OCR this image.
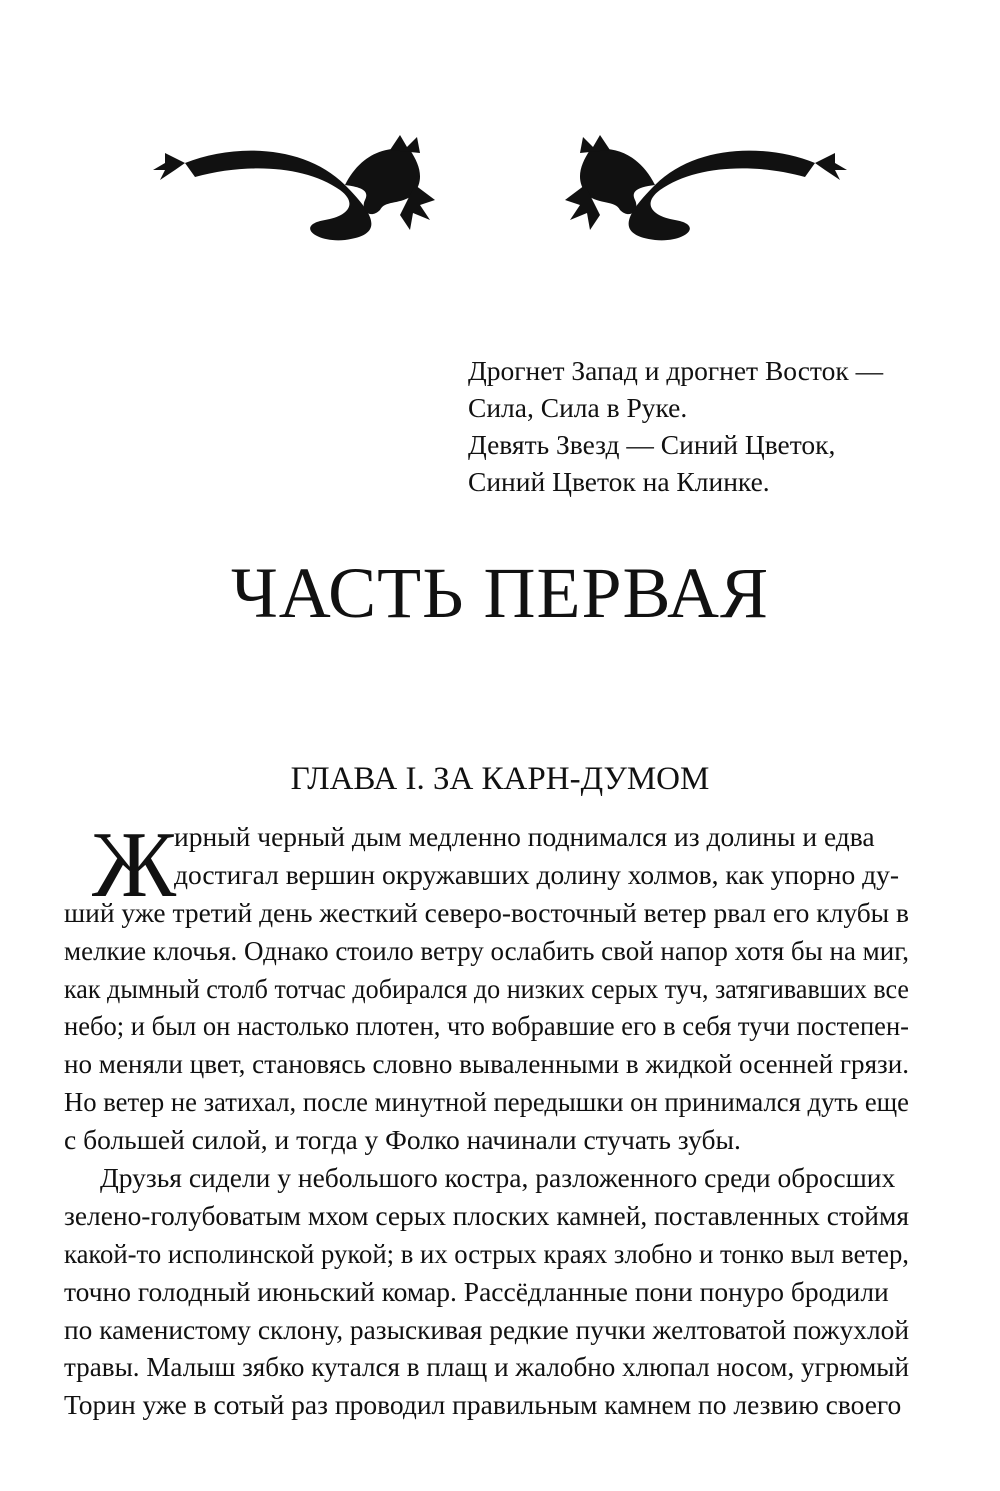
Дрогнет Запад и дрогнет Восток —
Сила, Сила в Руке.
Девять Звезд — Синий Цветок,
Синий Цветок на Клинке.
ЧАСТЬ ПЕРВАЯ
ГЛАВА I. ЗА КАРН-ДУМОМ
Ж
ирный черный дым медленно поднимался из долины и едва
достигал вершин окружавших долину холмов, как упорно ду-
ший уже третий день жесткий северо-восточный ветер рвал его клубы в
мелкие клочья. Однако стоило ветру ослабить свой напор хотя бы на миг,
как дымный столб тотчас добирался до низких серых туч, затягивавших все
небо; и был он настолько плотен, что вобравшие его в себя тучи постепен-
но меняли цвет, становясь словно вываленными в жидкой осенней грязи.
Но ветер не затихал, после минутной передышки он принимался дуть еще
с большей силой, и тогда у Фолко начинали стучать зубы.
Друзья сидели у небольшого костра, разложенного среди обросших
зелено-голубоватым мхом серых плоских камней, поставленных стоймя
какой-то исполинской рукой; в их острых краях злобно и тонко выл ветер,
точно голодный июньский комар. Рассёдланные пони понуро бродили
по каменистому склону, разыскивая редкие пучки желтоватой пожухлой
травы. Малыш зябко кутался в плащ и жалобно хлюпал носом, угрюмый
Торин уже в сотый раз проводил правильным камнем по лезвию своего
